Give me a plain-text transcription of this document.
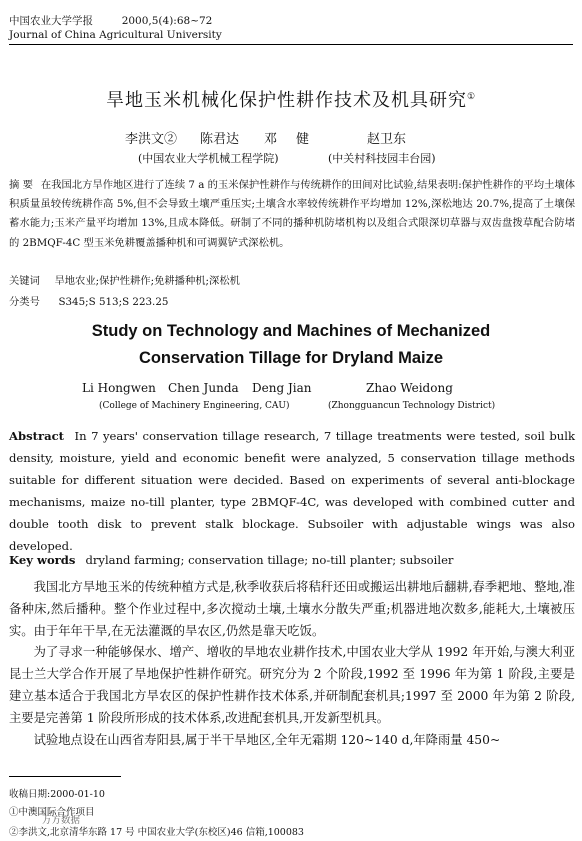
中国农业大学学报	2000,5(4):68~72
Journal of China Agricultural University
旱地玉米机械化保护性耕作技术及机具研究①
李洪文② 陈君达 邓 健	赵卫东
(中国农业大学机械工程学院)	(中关村科技园丰台园)
摘 要 在我国北方旱作地区进行了连续 7 a 的玉米保护性耕作与传统耕作的田间对比试验,结果表明:保护性耕作的平均土壤体积质量虽较传统耕作高 5%,但不会导致土壤严重压实;土壤含水率较传统耕作平均增加 12%,深松地达 20.7%,提高了土壤保蓄水能力;玉米产量平均增加 13%,且成本降低。研制了不同的播种机防堵机构以及组合式限深切草器与双齿盘拨草配合防堵的 2BMQF-4C 型玉米免耕覆盖播种机和可调翼铲式深松机。
关键词 旱地农业;保护性耕作;免耕播种机;深松机
分类号 S345;S 513;S 223.25
Study on Technology and Machines of Mechanized Conservation Tillage for Dryland Maize
Li Hongwen Chen Junda Deng Jian	Zhao Weidong
(College of Machinery Engineering, CAU)	(Zhongguancun Technology District)
Abstract In 7 years' conservation tillage research, 7 tillage treatments were tested, soil bulk density, moisture, yield and economic benefit were analyzed, 5 conservation tillage methods suitable for different situation were decided. Based on experiments of several anti-blockage mechanisms, maize no-till planter, type 2BMQF-4C, was developed with combined cutter and double tooth disk to prevent stalk blockage. Subsoiler with adjustable wings was also developed.
Key words dryland farming; conservation tillage; no-till planter; subsoiler

我国北方旱地玉米的传统种植方式是,秋季收获后将秸秆还田或搬运出耕地后翻耕,春季耙地、整地,准备种床,然后播种。整个作业过程中,多次搅动土壤,土壤水分散失严重;机器进地次数多,能耗大,土壤被压实。由于年年干旱,在无法灌溉的旱农区,仍然是靠天吃饭。

为了寻求一种能够保水、增产、增收的旱地农业耕作技术,中国农业大学从 1992 年开始,与澳大利亚昆士兰大学合作开展了旱地保护性耕作研究。研究分为 2 个阶段,1992 至 1996 年为第 1 阶段,主要是建立基本适合于我国北方旱农区的保护性耕作技术体系,并研制配套机具;1997 至 2000 年为第 2 阶段,主要是完善第 1 阶段所形成的技术体系,改进配套机具,开发新型机具。

试验地点设在山西省寿阳县,属于半干旱地区,全年无霜期 120~140 d,年降雨量 450~

收稿日期:2000-01-10
①中澳国际合作项目
万方数据
②李洪文,北京清华东路 17 号 中国农业大学(东校区)46 信箱,100083
